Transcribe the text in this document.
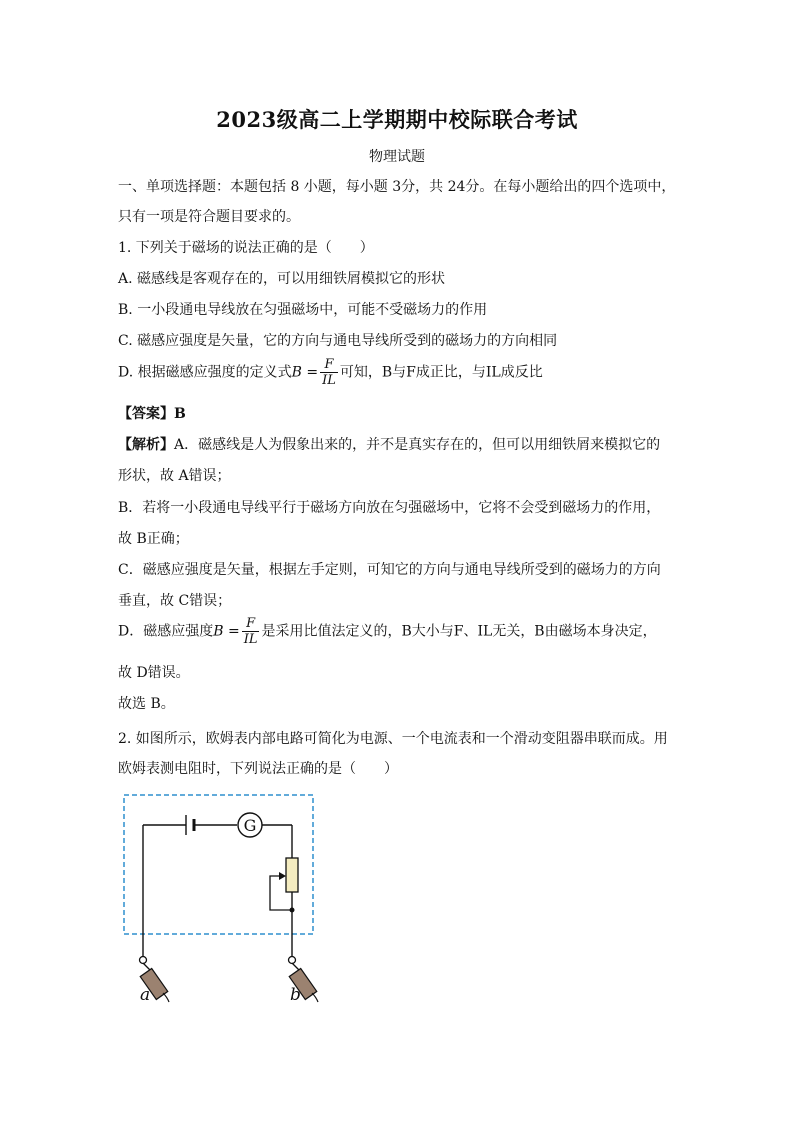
2023级高二上学期期中校际联合考试
物理试题
一、单项选择题：本题包括 8 小题，每小题 3分，共 24分。在每小题给出的四个选项中，
只有一项是符合题目要求的。
1. 下列关于磁场的说法正确的是（　　）
A. 磁感线是客观存在的，可以用细铁屑模拟它的形状
B. 一小段通电导线放在匀强磁场中，可能不受磁场力的作用
C. 磁感应强度是矢量，它的方向与通电导线所受到的磁场力的方向相同
D. 根据磁感应强度的定义式$B = \frac{F}{IL}$ 可知，B与F成正比，与IL成反比
【答案】B
【解析】A．磁感线是人为假象出来的，并不是真实存在的，但可以用细铁屑来模拟它的
形状，故 A错误；
B．若将一小段通电导线平行于磁场方向放在匀强磁场中，它将不会受到磁场力的作用，
故 B正确；
C．磁感应强度是矢量，根据左手定则，可知它的方向与通电导线所受到的磁场力的方向
垂直，故 C错误；
D．磁感应强度$B = \frac{F}{IL}$ 是采用比值法定义的，B大小与F、IL无关，B由磁场本身决定，
故 D错误。
故选 B。
2. 如图所示，欧姆表内部电路可简化为电源、一个电流表和一个滑动变阻器串联而成。用
欧姆表测电阻时，下列说法正确的是（　　）
G
a	b
